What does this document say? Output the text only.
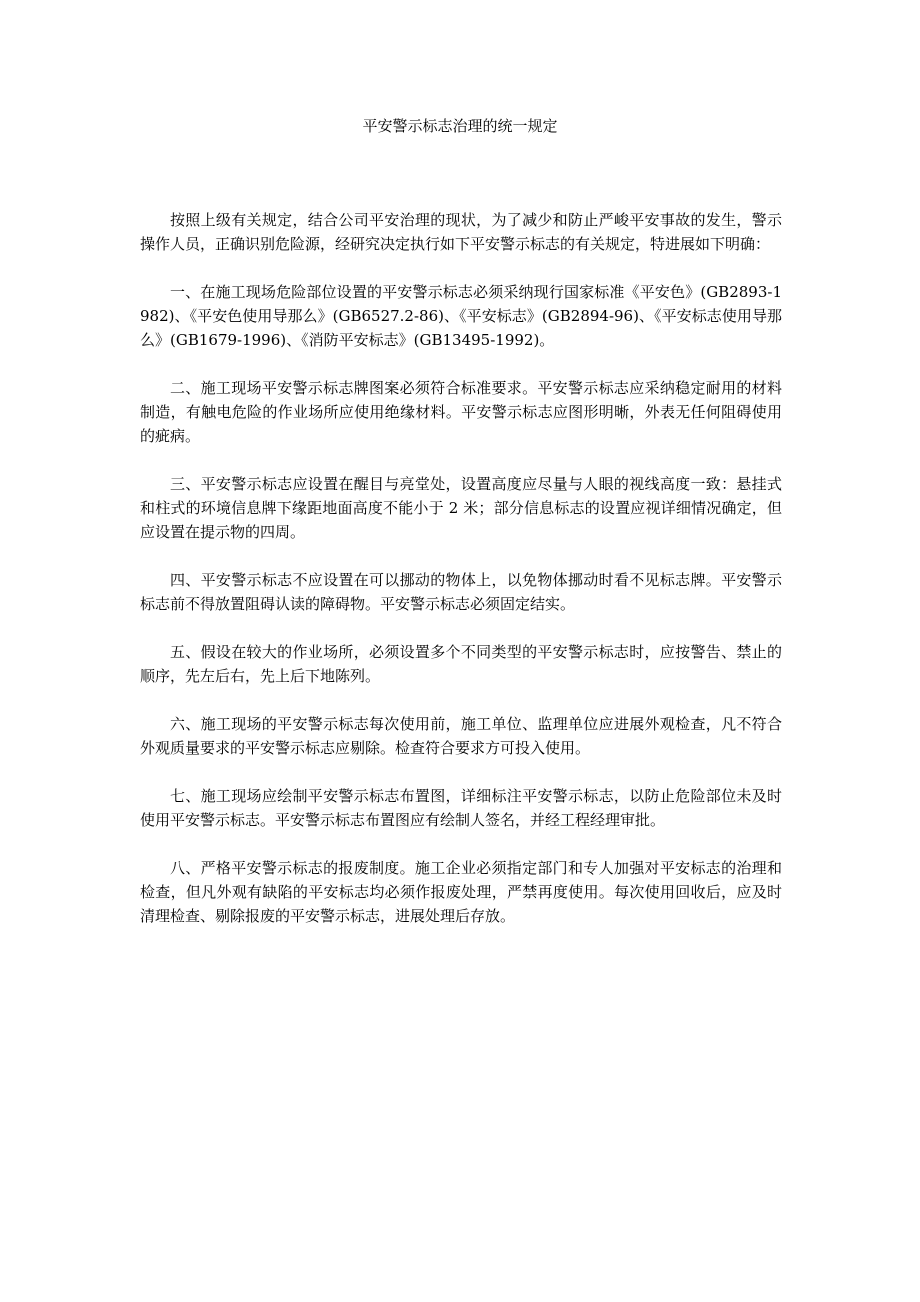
平安警示标志治理的统一规定

按照上级有关规定，结合公司平安治理的现状，为了减少和防止严峻平安事故的发生，警示操作人员，正确识别危险源，经研究决定执行如下平安警示标志的有关规定，特进展如下明确：

一、在施工现场危险部位设置的平安警示标志必须采纳现行国家标准《平安色》(GB2893-1982)、《平安色使用导那么》(GB6527.2-86)、《平安标志》(GB2894-96)、《平安标志使用导那么》(GB1679-1996)、《消防平安标志》(GB13495-1992)。

二、施工现场平安警示标志牌图案必须符合标准要求。平安警示标志应采纳稳定耐用的材料制造，有触电危险的作业场所应使用绝缘材料。平安警示标志应图形明晰，外表无任何阻碍使用的疵病。

三、平安警示标志应设置在醒目与亮堂处，设置高度应尽量与人眼的视线高度一致：悬挂式和柱式的环境信息牌下缘距地面高度不能小于 2 米；部分信息标志的设置应视详细情况确定，但应设置在提示物的四周。

四、平安警示标志不应设置在可以挪动的物体上，以免物体挪动时看不见标志牌。平安警示标志前不得放置阻碍认读的障碍物。平安警示标志必须固定结实。

五、假设在较大的作业场所，必须设置多个不同类型的平安警示标志时，应按警告、禁止的顺序，先左后右，先上后下地陈列。

六、施工现场的平安警示标志每次使用前，施工单位、监理单位应进展外观检查，凡不符合外观质量要求的平安警示标志应剔除。检查符合要求方可投入使用。

七、施工现场应绘制平安警示标志布置图，详细标注平安警示标志，以防止危险部位未及时使用平安警示标志。平安警示标志布置图应有绘制人签名，并经工程经理审批。

八、严格平安警示标志的报废制度。施工企业必须指定部门和专人加强对平安标志的治理和检查，但凡外观有缺陷的平安标志均必须作报废处理，严禁再度使用。每次使用回收后，应及时清理检查、剔除报废的平安警示标志，进展处理后存放。
